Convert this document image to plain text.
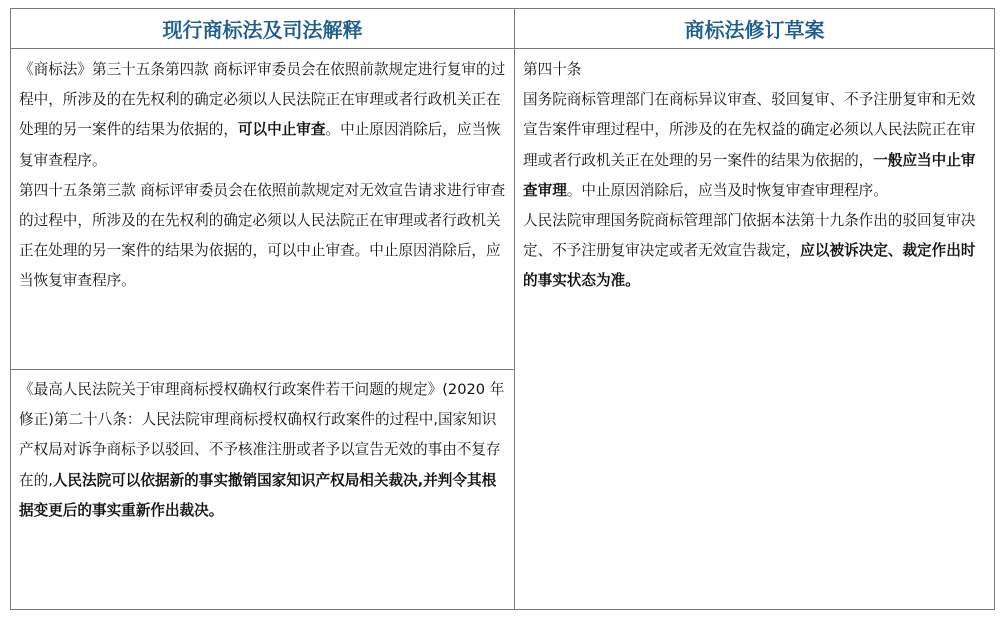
现行商标法及司法解释	商标法修订草案

《商标法》第三十五条第四款 商标评审委员会在依照前款规定进行复审的过程中，所涉及的在先权利的确定必须以人民法院正在审理或者行政机关正在处理的另一案件的结果为依据的，可以中止审查。中止原因消除后，应当恢复审查程序。

第四十五条第三款 商标评审委员会在依照前款规定对无效宣告请求进行审查的过程中，所涉及的在先权利的确定必须以人民法院正在审理或者行政机关正在处理的另一案件的结果为依据的，可以中止审查。中止原因消除后，应当恢复审查程序。

《最高人民法院关于审理商标授权确权行政案件若干问题的规定》(2020 年修正)第二十八条：人民法院审理商标授权确权行政案件的过程中,国家知识产权局对诉争商标予以驳回、不予核准注册或者予以宣告无效的事由不复存在的,人民法院可以依据新的事实撤销国家知识产权局相关裁决,并判令其根据变更后的事实重新作出裁决。

第四十条

国务院商标管理部门在商标异议审查、驳回复审、不予注册复审和无效宣告案件审理过程中，所涉及的在先权益的确定必须以人民法院正在审理或者行政机关正在处理的另一案件的结果为依据的，一般应当中止审查审理。中止原因消除后，应当及时恢复审查审理程序。

人民法院审理国务院商标管理部门依据本法第十九条作出的驳回复审决定、不予注册复审决定或者无效宣告裁定，应以被诉决定、裁定作出时的事实状态为准。
